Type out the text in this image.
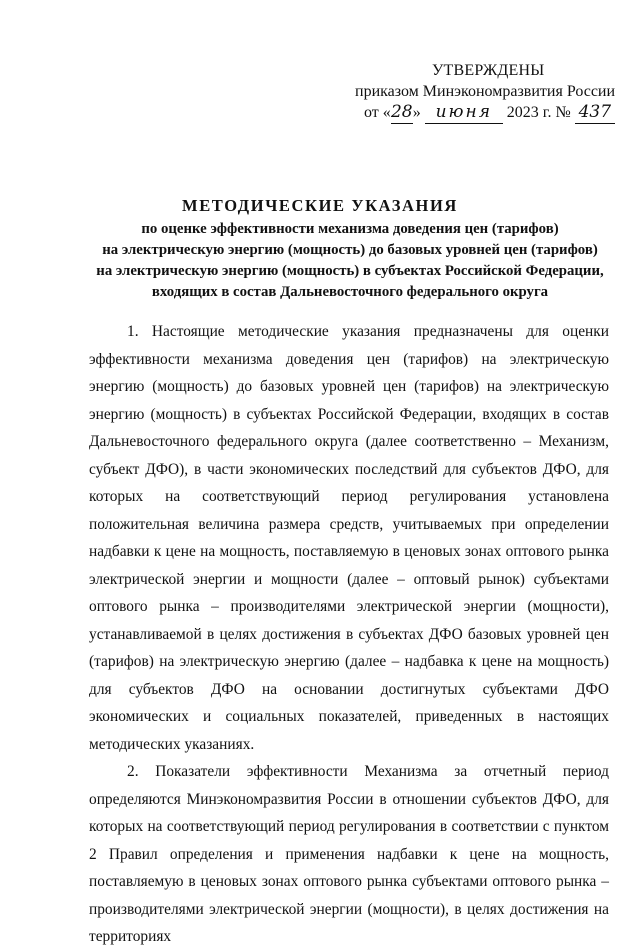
УТВЕРЖДЕНЫ
приказом Минэкономразвития России
от «28» июня 2023 г. № 437
МЕТОДИЧЕСКИЕ УКАЗАНИЯ
по оценке эффективности механизма доведения цен (тарифов)
на электрическую энергию (мощность) до базовых уровней цен (тарифов)
на электрическую энергию (мощность) в субъектах Российской Федерации,
входящих в состав Дальневосточного федерального округа

1. Настоящие методические указания предназначены для оценки эффективности механизма доведения цен (тарифов) на электрическую энергию (мощность) до базовых уровней цен (тарифов) на электрическую энергию (мощность) в субъектах Российской Федерации, входящих в состав Дальневосточного федерального округа (далее соответственно – Механизм, субъект ДФО), в части экономических последствий для субъектов ДФО, для которых на соответствующий период регулирования установлена положительная величина размера средств, учитываемых при определении надбавки к цене на мощность, поставляемую в ценовых зонах оптового рынка электрической энергии и мощности (далее – оптовый рынок) субъектами оптового рынка – производителями электрической энергии (мощности), устанавливаемой в целях достижения в субъектах ДФО базовых уровней цен (тарифов) на электрическую энергию (далее – надбавка к цене на мощность) для субъектов ДФО на основании достигнутых субъектами ДФО экономических и социальных показателей, приведенных в настоящих методических указаниях.

2. Показатели эффективности Механизма за отчетный период определяются Минэкономразвития России в отношении субъектов ДФО, для которых на соответствующий период регулирования в соответствии с пунктом 2 Правил определения и применения надбавки к цене на мощность, поставляемую в ценовых зонах оптового рынка субъектами оптового рынка – производителями электрической энергии (мощности), в целях достижения на территориях
